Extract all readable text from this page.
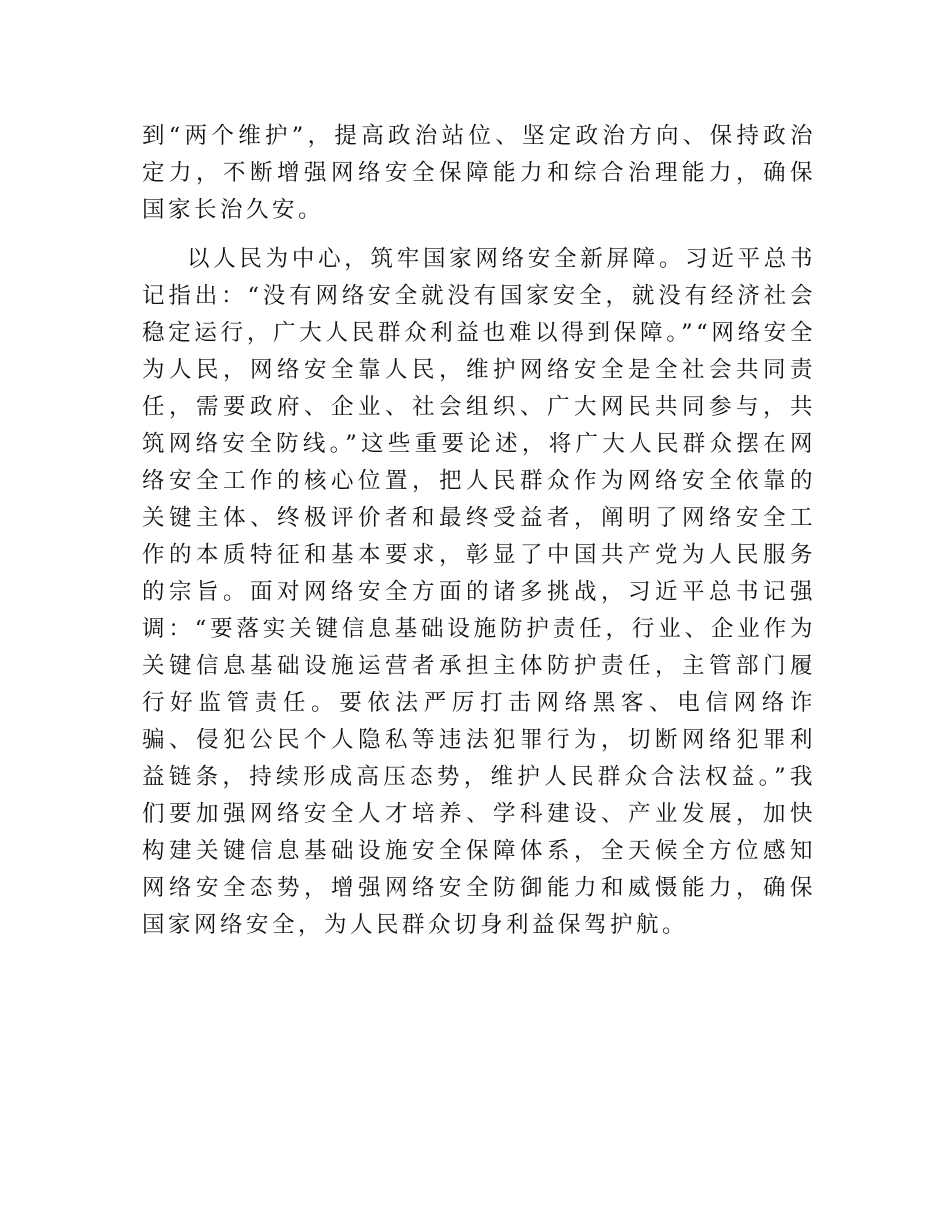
到“两个维护”，提高政治站位、坚定政治方向、保持政治定力，不断增强网络安全保障能力和综合治理能力，确保国家长治久安。

以人民为中心，筑牢国家网络安全新屏障。习近平总书记指出：“没有网络安全就没有国家安全，就没有经济社会稳定运行，广大人民群众利益也难以得到保障。”“网络安全为人民，网络安全靠人民，维护网络安全是全社会共同责任，需要政府、企业、社会组织、广大网民共同参与，共筑网络安全防线。”这些重要论述，将广大人民群众摆在网络安全工作的核心位置，把人民群众作为网络安全依靠的关键主体、终极评价者和最终受益者，阐明了网络安全工作的本质特征和基本要求，彰显了中国共产党为人民服务的宗旨。面对网络安全方面的诸多挑战，习近平总书记强调：“要落实关键信息基础设施防护责任，行业、企业作为关键信息基础设施运营者承担主体防护责任，主管部门履行好监管责任。要依法严厉打击网络黑客、电信网络诈骗、侵犯公民个人隐私等违法犯罪行为，切断网络犯罪利益链条，持续形成高压态势，维护人民群众合法权益。”我们要加强网络安全人才培养、学科建设、产业发展，加快构建关键信息基础设施安全保障体系，全天候全方位感知网络安全态势，增强网络安全防御能力和威慑能力，确保国家网络安全，为人民群众切身利益保驾护航。
